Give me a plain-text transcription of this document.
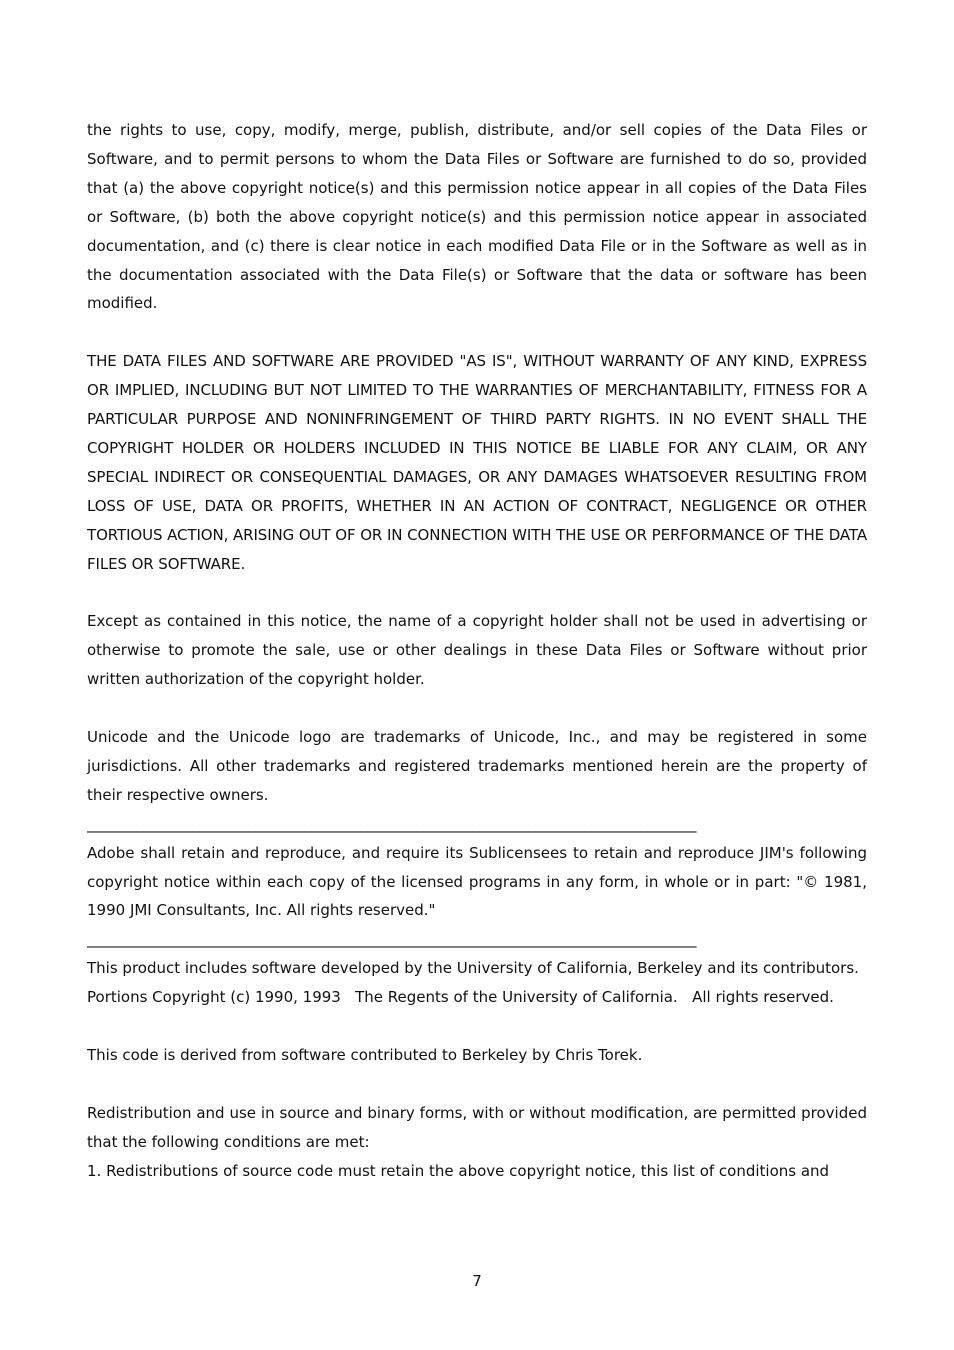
the rights to use, copy, modify, merge, publish, distribute, and/or sell copies of the Data Files or Software, and to permit persons to whom the Data Files or Software are furnished to do so, provided that (a) the above copyright notice(s) and this permission notice appear in all copies of the Data Files or Software, (b) both the above copyright notice(s) and this permission notice appear in associated documentation, and (c) there is clear notice in each modified Data File or in the Software as well as in the documentation associated with the Data File(s) or Software that the data or software has been modified.

THE DATA FILES AND SOFTWARE ARE PROVIDED "AS IS", WITHOUT WARRANTY OF ANY KIND, EXPRESS OR IMPLIED, INCLUDING BUT NOT LIMITED TO THE WARRANTIES OF MERCHANTABILITY, FITNESS FOR A PARTICULAR PURPOSE AND NONINFRINGEMENT OF THIRD PARTY RIGHTS. IN NO EVENT SHALL THE COPYRIGHT HOLDER OR HOLDERS INCLUDED IN THIS NOTICE BE LIABLE FOR ANY CLAIM, OR ANY SPECIAL INDIRECT OR CONSEQUENTIAL DAMAGES, OR ANY DAMAGES WHATSOEVER RESULTING FROM LOSS OF USE, DATA OR PROFITS, WHETHER IN AN ACTION OF CONTRACT, NEGLIGENCE OR OTHER TORTIOUS ACTION, ARISING OUT OF OR IN CONNECTION WITH THE USE OR PERFORMANCE OF THE DATA FILES OR SOFTWARE.

Except as contained in this notice, the name of a copyright holder shall not be used in advertising or otherwise to promote the sale, use or other dealings in these Data Files or Software without prior written authorization of the copyright holder.

Unicode and the Unicode logo are trademarks of Unicode, Inc., and may be registered in some jurisdictions. All other trademarks and registered trademarks mentioned herein are the property of their respective owners.

_______________________________________________________________________________________

Adobe shall retain and reproduce, and require its Sublicensees to retain and reproduce JIM's following copyright notice within each copy of the licensed programs in any form, in whole or in part: "© 1981, 1990 JMI Consultants, Inc. All rights reserved."

_______________________________________________________________________________________

This product includes software developed by the University of California, Berkeley and its contributors.

Portions Copyright (c) 1990, 1993   The Regents of the University of California.   All rights reserved.

This code is derived from software contributed to Berkeley by Chris Torek.

Redistribution and use in source and binary forms, with or without modification, are permitted provided that the following conditions are met:

1. Redistributions of source code must retain the above copyright notice, this list of conditions and

7
